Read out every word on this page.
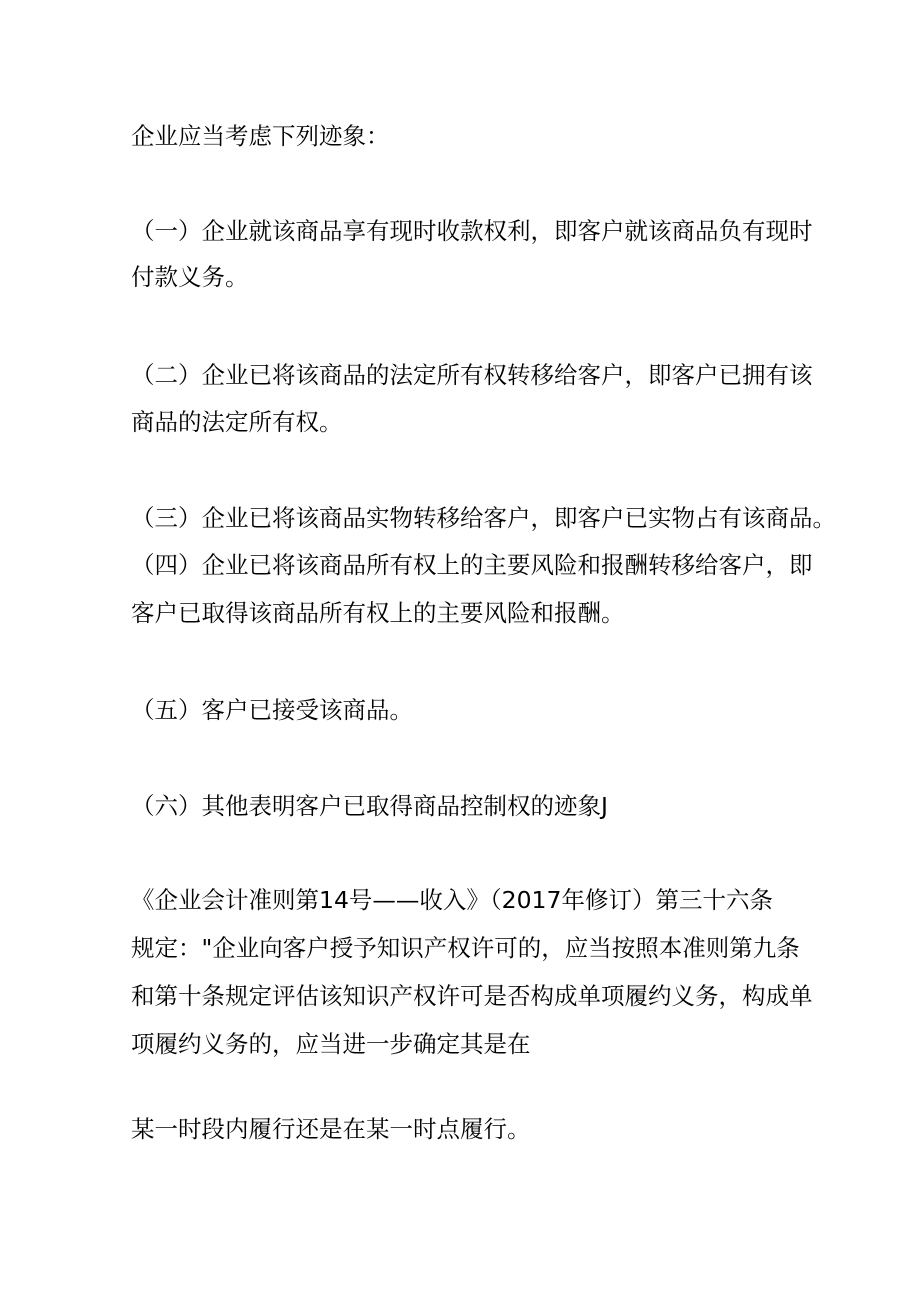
企业应当考虑下列迹象：
（一）企业就该商品享有现时收款权利，即客户就该商品负有现时
付款义务。
（二）企业已将该商品的法定所有权转移给客户，即客户已拥有该
商品的法定所有权。
（三）企业已将该商品实物转移给客户，即客户已实物占有该商品。
（四）企业已将该商品所有权上的主要风险和报酬转移给客户，即
客户已取得该商品所有权上的主要风险和报酬。
（五）客户已接受该商品。
（六）其他表明客户已取得商品控制权的迹象J
《企业会计准则第14号——收入》（2017年修订）第三十六条
规定："企业向客户授予知识产权许可的，应当按照本准则第九条
和第十条规定评估该知识产权许可是否构成单项履约义务，构成单
项履约义务的，应当进一步确定其是在
某一时段内履行还是在某一时点履行。
